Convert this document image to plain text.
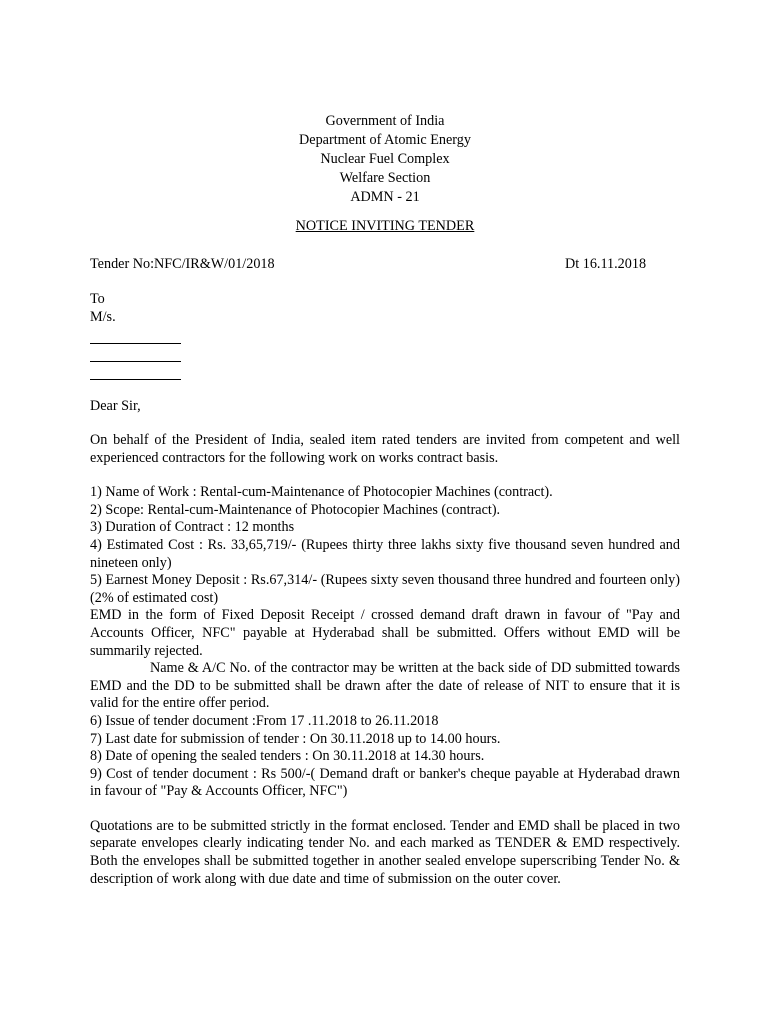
Government of India
Department of Atomic Energy
Nuclear Fuel Complex
Welfare Section
ADMN - 21
NOTICE INVITING TENDER
Tender No:NFC/IR&W/01/2018	Dt 16.11.2018
To
M/s.
Dear Sir,

On behalf of the President of India, sealed item rated tenders are invited from competent and well experienced contractors for the following work on works contract basis.

1) Name of Work : Rental-cum-Maintenance of Photocopier Machines (contract).

2) Scope: Rental-cum-Maintenance of Photocopier Machines (contract).

3) Duration of Contract : 12 months

4) Estimated Cost : Rs. 33,65,719/- (Rupees thirty three lakhs sixty five thousand seven hundred and nineteen only)

5) Earnest Money Deposit : Rs.67,314/- (Rupees sixty seven thousand three hundred and fourteen only) (2% of estimated cost)

EMD in the form of Fixed Deposit Receipt / crossed demand draft drawn in favour of "Pay and Accounts Officer, NFC" payable at Hyderabad shall be submitted. Offers without EMD will be summarily rejected.

Name & A/C No. of the contractor may be written at the back side of DD submitted towards EMD and the DD to be submitted shall be drawn after the date of release of NIT to ensure that it is valid for the entire offer period.

6) Issue of tender document :From 17 .11.2018 to 26.11.2018

7) Last date for submission of tender : On 30.11.2018 up to 14.00 hours.

8) Date of opening the sealed tenders : On 30.11.2018 at 14.30 hours.

9) Cost of tender document : Rs 500/-( Demand draft or banker's cheque payable at Hyderabad drawn in favour of "Pay & Accounts Officer, NFC")

Quotations are to be submitted strictly in the format enclosed. Tender and EMD shall be placed in two separate envelopes clearly indicating tender No. and each marked as TENDER & EMD respectively. Both the envelopes shall be submitted together in another sealed envelope superscribing Tender No. & description of work along with due date and time of submission on the outer cover.
